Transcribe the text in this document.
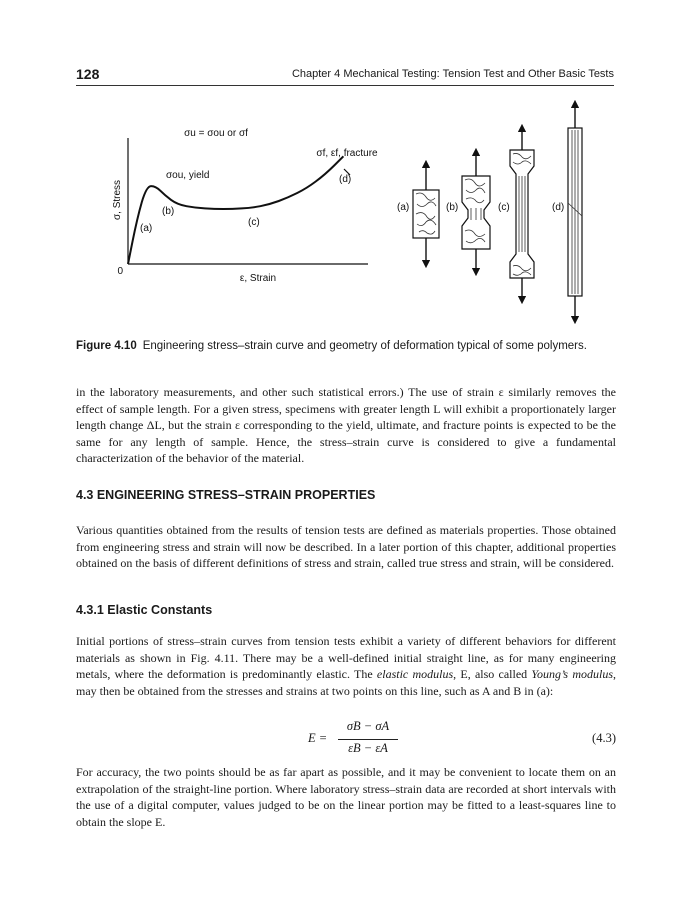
128	Chapter 4 Mechanical Testing: Tension Test and Other Basic Tests
0
ε, Strain
σ, Stress
σu = σou or σf
σf, εf, fracture
σou, yield
(a)
(b)
(c)
(d)
(a)	(b)	(c)	(d)
Figure 4.10 Engineering stress–strain curve and geometry of deformation typical of some polymers.

in the laboratory measurements, and other such statistical errors.) The use of strain ε similarly removes the effect of sample length. For a given stress, specimens with greater length L will exhibit a proportionately larger length change ΔL, but the strain ε corresponding to the yield, ultimate, and fracture points is expected to be the same for any length of sample. Hence, the stress–strain curve is considered to give a fundamental characterization of the behavior of the material.

4.3 ENGINEERING STRESS–STRAIN PROPERTIES

Various quantities obtained from the results of tension tests are defined as materials properties. Those obtained from engineering stress and strain will now be described. In a later portion of this chapter, additional properties obtained on the basis of different definitions of stress and strain, called true stress and strain, will be considered.

4.3.1 Elastic Constants

Initial portions of stress–strain curves from tension tests exhibit a variety of different behaviors for different materials as shown in Fig. 4.11. There may be a well-defined initial straight line, as for many engineering metals, where the deformation is predominantly elastic. The elastic modulus, E, also called Young’s modulus, may then be obtained from the stresses and strains at two points on this line, such as A and B in (a):

E =
σB − σA
εB − εA
(4.3)

For accuracy, the two points should be as far apart as possible, and it may be convenient to locate them on an extrapolation of the straight-line portion. Where laboratory stress–strain data are recorded at short intervals with the use of a digital computer, values judged to be on the linear portion may be fitted to a least-squares line to obtain the slope E.
